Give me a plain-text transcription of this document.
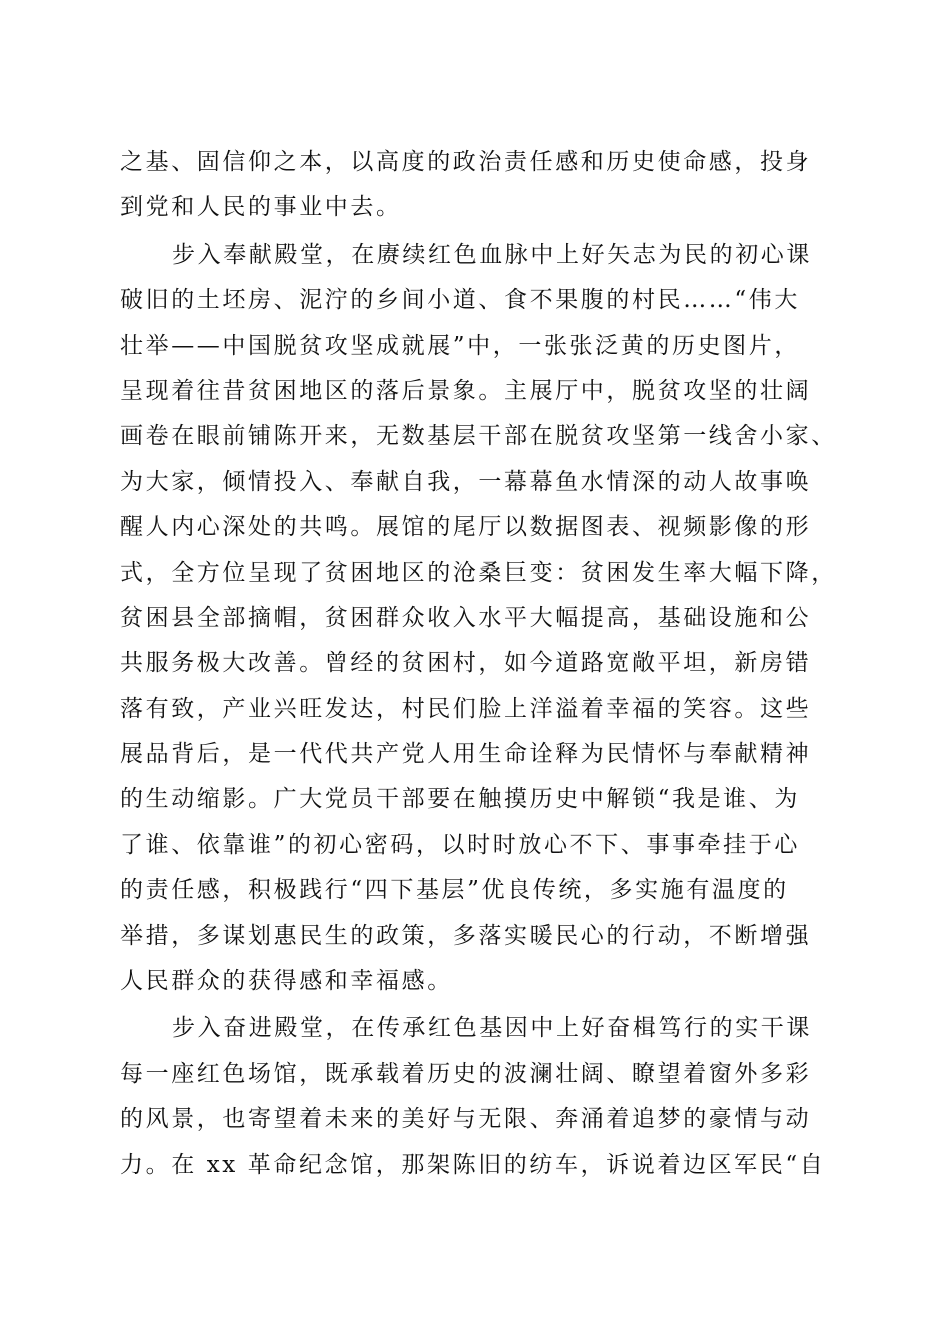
之基、固信仰之本，以高度的政治责任感和历史使命感，投身
到党和人民的事业中去。
步入奉献殿堂，在赓续红色血脉中上好矢志为民的初心课
破旧的土坯房、泥泞的乡间小道、食不果腹的村民……“伟大
壮举——中国脱贫攻坚成就展”中，一张张泛黄的历史图片，
呈现着往昔贫困地区的落后景象。主展厅中，脱贫攻坚的壮阔
画卷在眼前铺陈开来，无数基层干部在脱贫攻坚第一线舍小家、
为大家，倾情投入、奉献自我，一幕幕鱼水情深的动人故事唤
醒人内心深处的共鸣。展馆的尾厅以数据图表、视频影像的形
式，全方位呈现了贫困地区的沧桑巨变：贫困发生率大幅下降，
贫困县全部摘帽，贫困群众收入水平大幅提高，基础设施和公
共服务极大改善。曾经的贫困村，如今道路宽敞平坦，新房错
落有致，产业兴旺发达，村民们脸上洋溢着幸福的笑容。这些
展品背后，是一代代共产党人用生命诠释为民情怀与奉献精神
的生动缩影。广大党员干部要在触摸历史中解锁“我是谁、为
了谁、依靠谁”的初心密码，以时时放心不下、事事牵挂于心
的责任感，积极践行“四下基层”优良传统，多实施有温度的
举措，多谋划惠民生的政策，多落实暖民心的行动，不断增强
人民群众的获得感和幸福感。
步入奋进殿堂，在传承红色基因中上好奋楫笃行的实干课
每一座红色场馆，既承载着历史的波澜壮阔、瞭望着窗外多彩
的风景，也寄望着未来的美好与无限、奔涌着追梦的豪情与动
力。在 xx 革命纪念馆，那架陈旧的纺车，诉说着边区军民“自
